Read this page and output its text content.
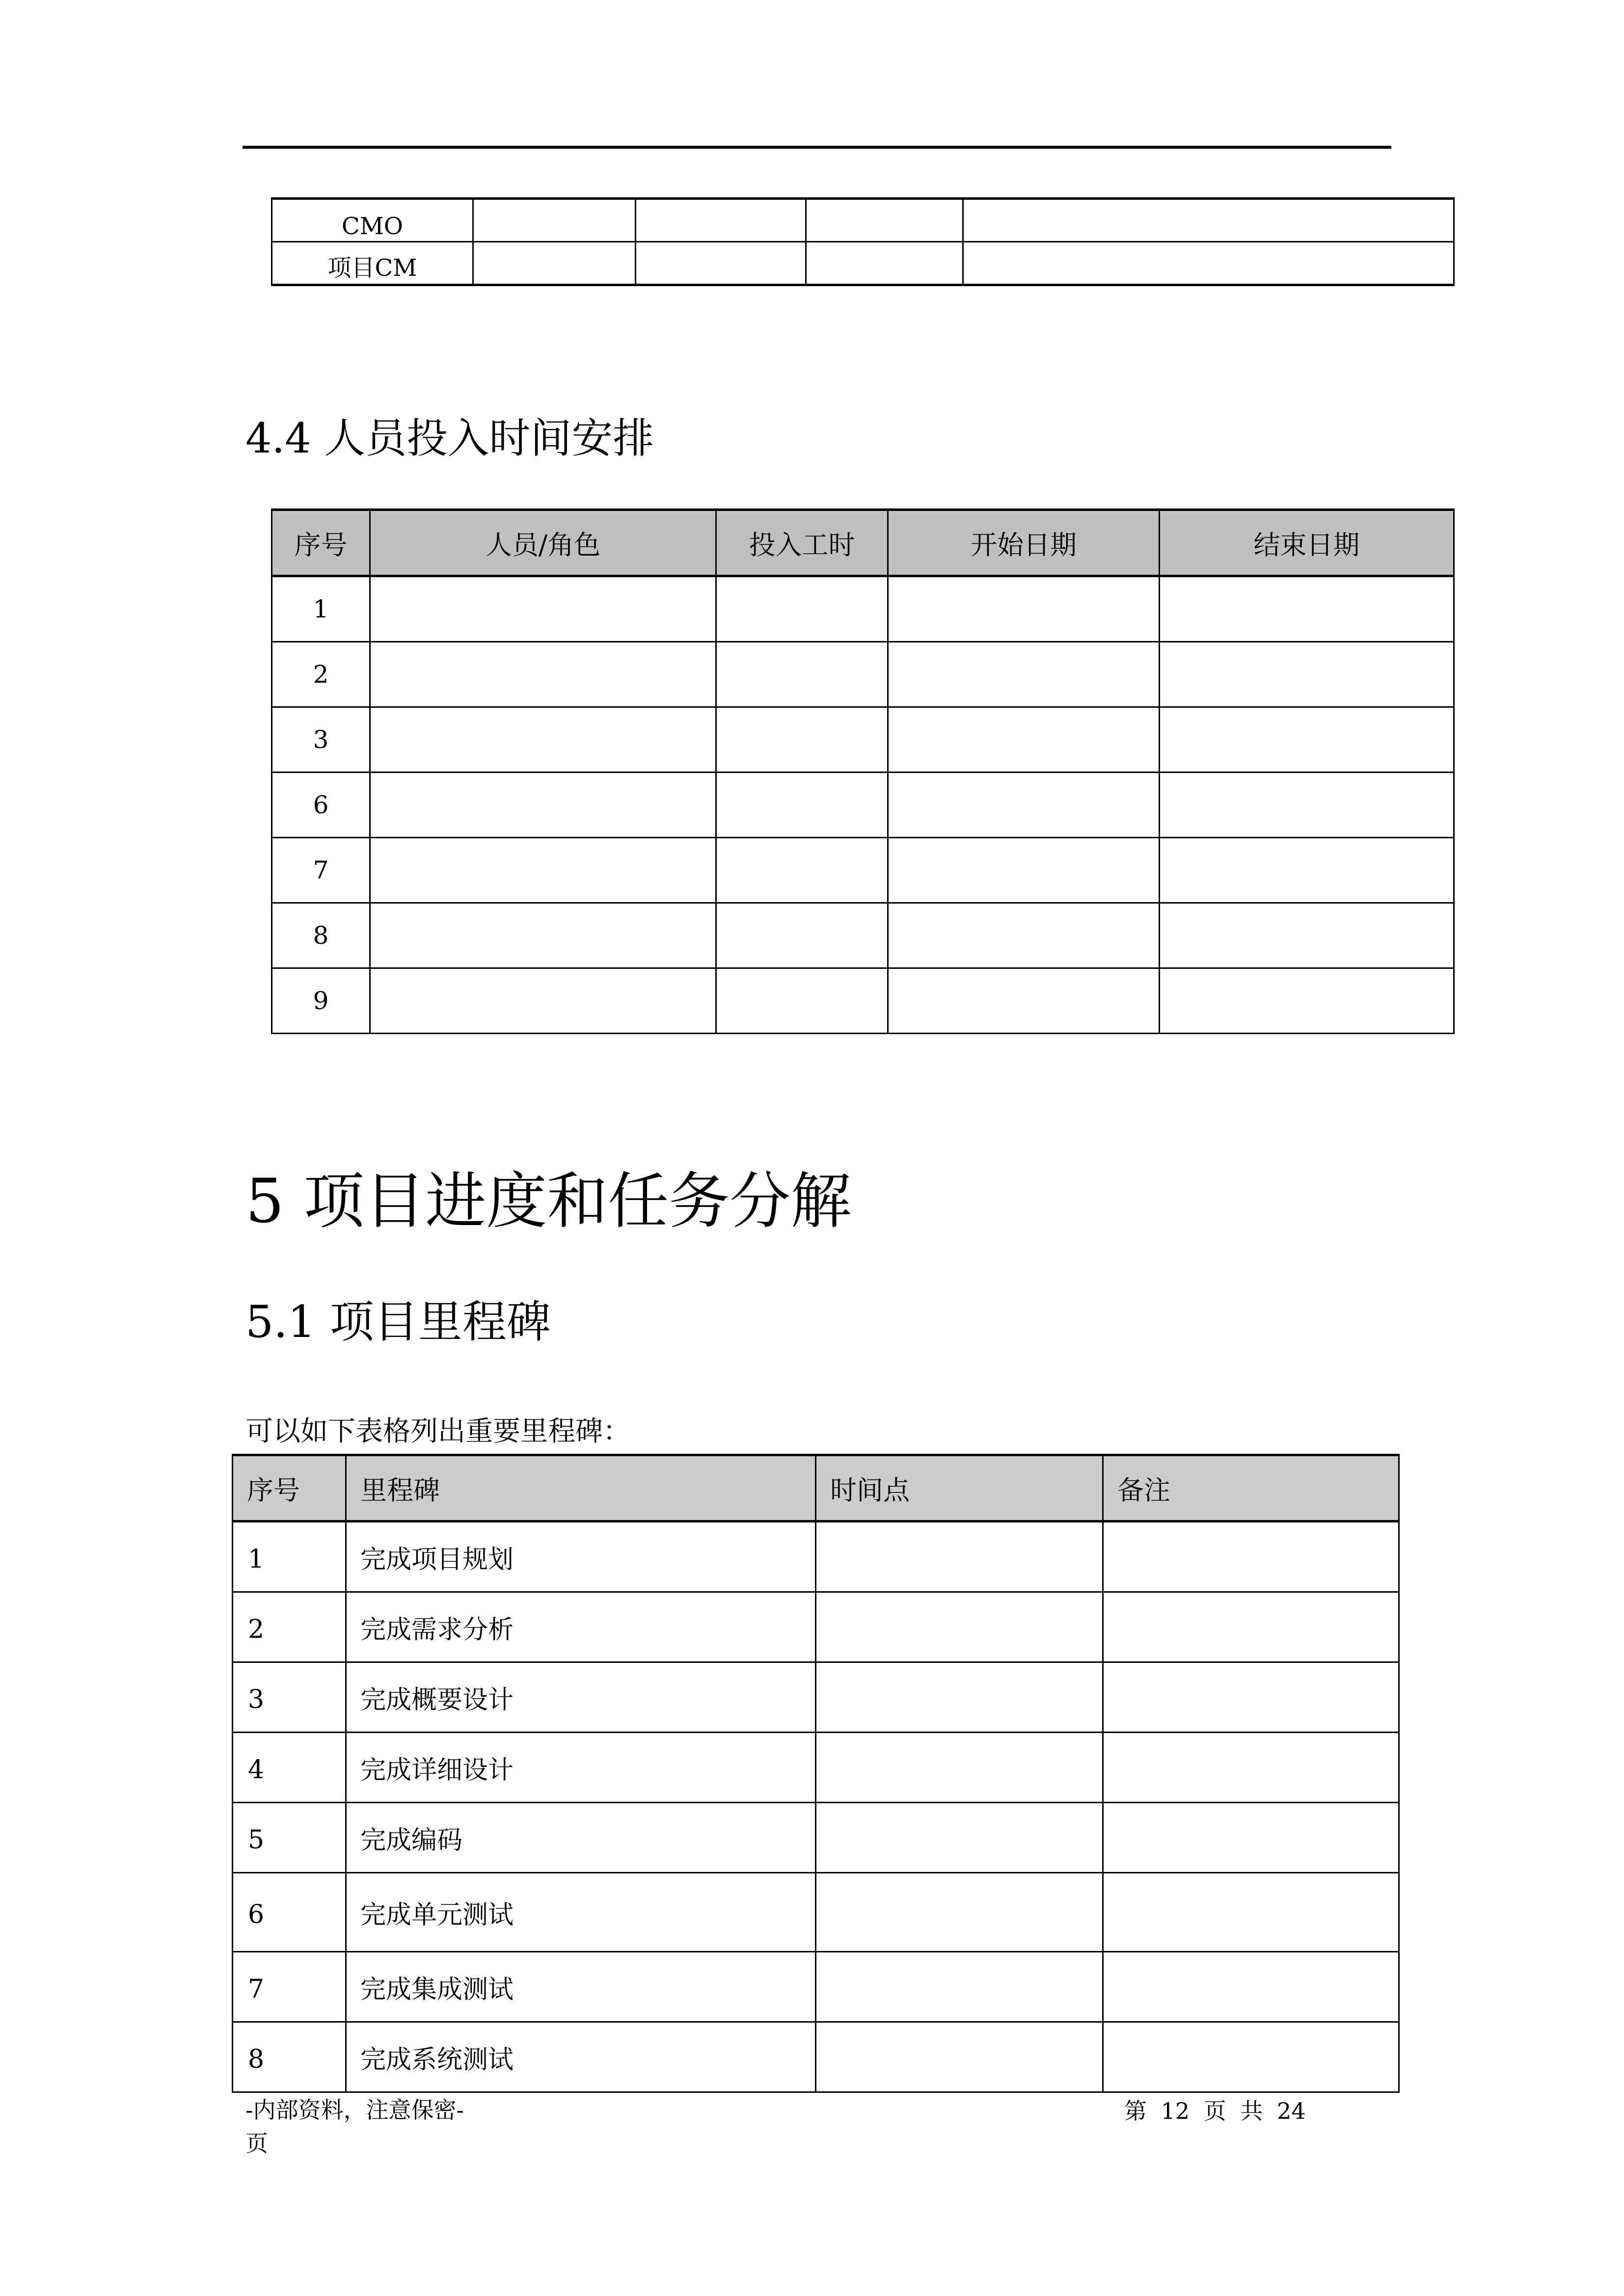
CMO				
项目CM				
4.4 人员投入时间安排
序号	人员/角色	投入工时	开始日期	结束日期
1				
2				
3				
6				
7				
8				
9				
5 项目进度和任务分解
5.1 项目里程碑

可以如下表格列出重要里程碑：

序号	里程碑	时间点	备注
1	完成项目规划		
2	完成需求分析		
3	完成概要设计		
4	完成详细设计		
5	完成编码		
6	完成单元测试		
7	完成集成测试		
8	完成系统测试		
-内部资料，注意保密-
页
第 12 页 共 24
